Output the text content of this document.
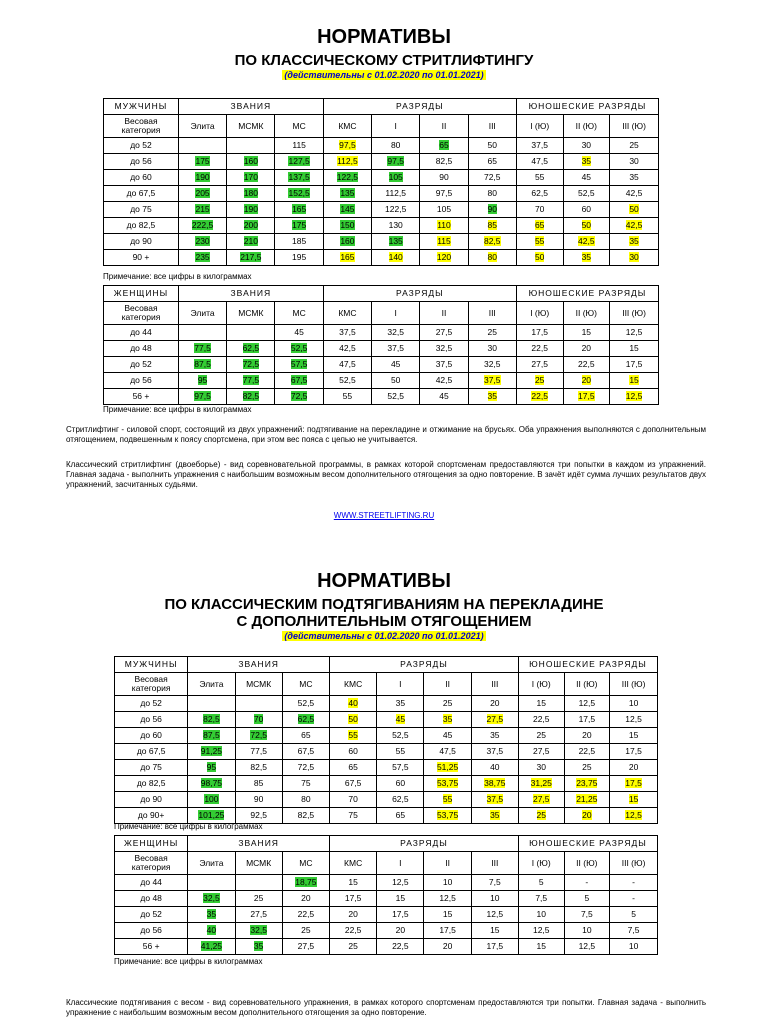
НОРМАТИВЫ
ПО КЛАССИЧЕСКОМУ СТРИТЛИФТИНГУ
(действительны с 01.02.2020 по 01.01.2021)
МУЖЧИНЫ	ЗВАНИЯ			РАЗРЯДЫ				ЮНОШЕСКИЕ РАЗРЯДЫ		
Весовая категория	Элита	МСМК	МС	КМС	I	II	III	I (Ю)	II (Ю)	III (Ю)
до 52			115	97,5	80	65	50	37,5	30	25
до 56	175	160	127,5	112,5	97,5	82,5	65	47,5	35	30
до 60	190	170	137,5	122,5	105	90	72,5	55	45	35
до 67,5	205	180	152,5	135	112,5	97,5	80	62,5	52,5	42,5
до 75	215	190	165	145	122,5	105	90	70	60	50
до 82,5	222,5	200	175	150	130	110	85	65	50	42,5
до 90	230	210	185	160	135	115	82,5	55	42,5	35
90 +	235	217,5	195	165	140	120	80	50	35	30
Примечание: все цифры в килограммах
ЖЕНЩИНЫ	ЗВАНИЯ			РАЗРЯДЫ				ЮНОШЕСКИЕ РАЗРЯДЫ		
Весовая категория	Элита	МСМК	МС	КМС	I	II	III	I (Ю)	II (Ю)	III (Ю)
до 44			45	37,5	32,5	27,5	25	17,5	15	12,5
до 48	77,5	62,5	52,5	42,5	37,5	32,5	30	22,5	20	15
до 52	87,5	72,5	57,5	47,5	45	37,5	32,5	27,5	22,5	17,5
до 56	95	77,5	67,5	52,5	50	42,5	37,5	25	20	15
56 +	97,5	82,5	72,5	55	52,5	45	35	22,5	17,5	12,5
Примечание: все цифры в килограммах
Стритлифтинг - силовой спорт, состоящий из двух упражнений: подтягивание на перекладине и отжимание на брусьях. Оба упражнения выполняются с дополнительным отягощением, подвешенным к поясу спортсмена, при этом вес пояса с цепью не учитывается.
Классический стритлифтинг (двоеборье) - вид соревновательной программы, в рамках которой спортсменам предоставляются три попытки в каждом из упражнений. Главная задача - выполнить упражнения с наибольшим возможным весом дополнительного отягощения за одно повторение. В зачёт идёт сумма лучших результатов двух упражнений, засчитанных судьями.
WWW.STREETLIFTING.RU
НОРМАТИВЫ
ПО КЛАССИЧЕСКИМ ПОДТЯГИВАНИЯМ НА ПЕРЕКЛАДИНЕ
С ДОПОЛНИТЕЛЬНЫМ ОТЯГОЩЕНИЕМ
(действительны с 01.02.2020 по 01.01.2021)
МУЖЧИНЫ	ЗВАНИЯ			РАЗРЯДЫ				ЮНОШЕСКИЕ РАЗРЯДЫ		
Весовая категория	Элита	МСМК	МС	КМС	I	II	III	I (Ю)	II (Ю)	III (Ю)
до 52			52,5	40	35	25	20	15	12,5	10
до 56	82,5	70	62,5	50	45	35	27,5	22,5	17,5	12,5
до 60	87,5	72,5	65	55	52,5	45	35	25	20	15
до 67,5	91,25	77,5	67,5	60	55	47,5	37,5	27,5	22,5	17,5
до 75	95	82,5	72,5	65	57,5	51,25	40	30	25	20
до 82,5	98,75	85	75	67,5	60	53,75	38,75	31,25	23,75	17,5
до 90	100	90	80	70	62,5	55	37,5	27,5	21,25	15
до 90+	101,25	92,5	82,5	75	65	53,75	35	25	20	12,5
Примечание: все цифры в килограммах
ЖЕНЩИНЫ	ЗВАНИЯ			РАЗРЯДЫ				ЮНОШЕСКИЕ РАЗРЯДЫ		
Весовая категория	Элита	МСМК	МС	КМС	I	II	III	I (Ю)	II (Ю)	III (Ю)
до 44			18,75	15	12,5	10	7,5	5	-	-
до 48	32,5	25	20	17,5	15	12,5	10	7,5	5	-
до 52	35	27,5	22,5	20	17,5	15	12,5	10	7,5	5
до 56	40	32,5	25	22,5	20	17,5	15	12,5	10	7,5
56 +	41,25	35	27,5	25	22,5	20	17,5	15	12,5	10
Примечание: все цифры в килограммах
Классические подтягивания с весом - вид соревновательного упражнения, в рамках которого спортсменам предоставляются три попытки. Главная задача - выполнить упражнение с наибольшим возможным весом дополнительного отягощения за одно повторение.
